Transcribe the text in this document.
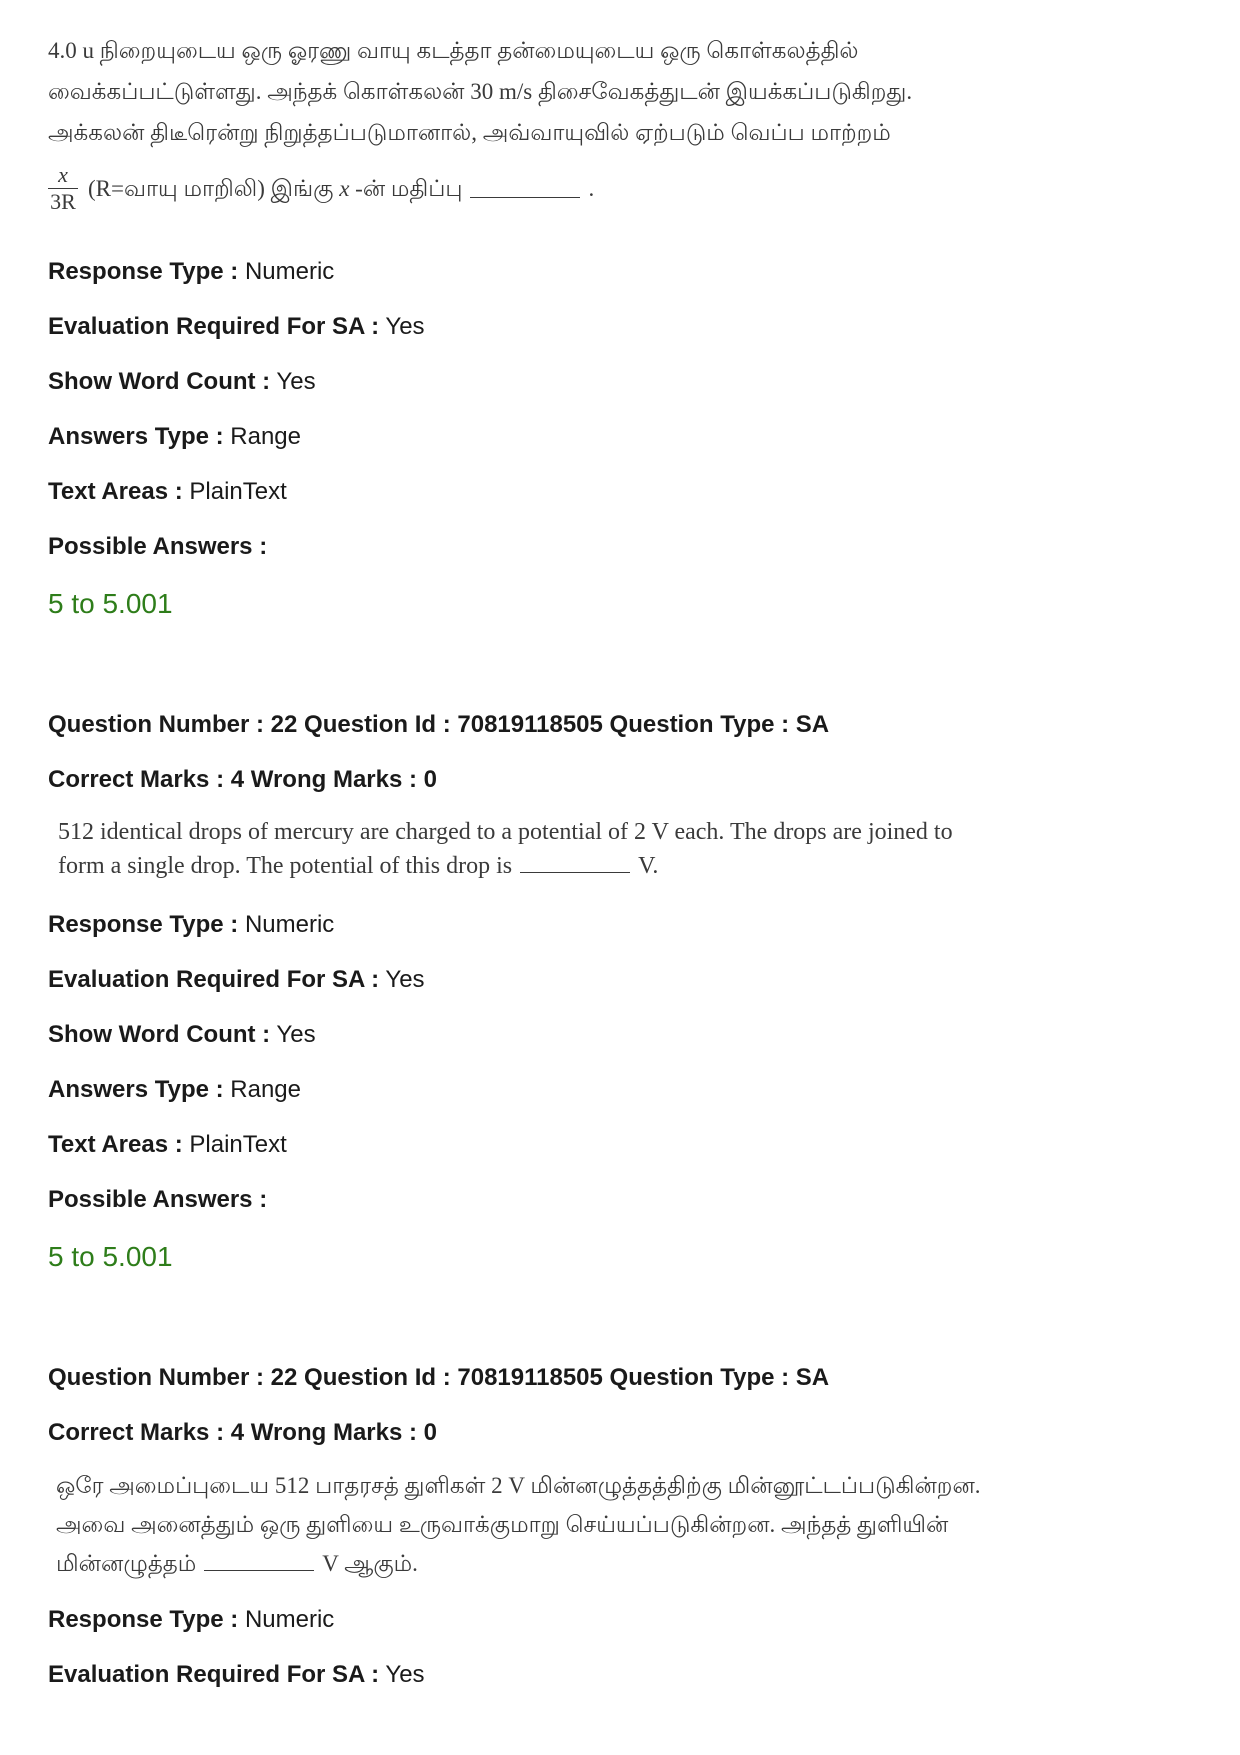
4.0 u நிறையுடைய ஒரு ஓரணு வாயு கடத்தா தன்மையுடைய ஒரு கொள்கலத்தில்
வைக்கப்பட்டுள்ளது. அந்தக் கொள்கலன் 30 m/s திசைவேகத்துடன் இயக்கப்படுகிறது.
அக்கலன் திடீரென்று நிறுத்தப்படுமானால், அவ்வாயுவில் ஏற்படும் வெப்ப மாற்றம்
$\frac{x}{3R}$ (R=வாயு மாறிலி) இங்கு
x
-ன் மதிப்பு	.
Response Type : Numeric
Evaluation Required For SA : Yes
Show Word Count : Yes
Answers Type : Range
Text Areas : PlainText
Possible Answers :
5 to 5.001
Question Number : 22 Question Id : 70819118505 Question Type : SA
Correct Marks : 4 Wrong Marks : 0
512 identical drops of mercury are charged to a potential of 2 V each. The drops are joined to
form a single drop. The potential of this drop is	V.
Response Type : Numeric
Evaluation Required For SA : Yes
Show Word Count : Yes
Answers Type : Range
Text Areas : PlainText
Possible Answers :
5 to 5.001
Question Number : 22 Question Id : 70819118505 Question Type : SA
Correct Marks : 4 Wrong Marks : 0
ஒரே அமைப்புடைய 512 பாதரசத் துளிகள் 2 V மின்னழுத்தத்திற்கு மின்னூட்டப்படுகின்றன.
அவை அனைத்தும் ஒரு துளியை உருவாக்குமாறு செய்யப்படுகின்றன. அந்தத் துளியின்
மின்னழுத்தம்	V ஆகும்.
Response Type : Numeric
Evaluation Required For SA : Yes
